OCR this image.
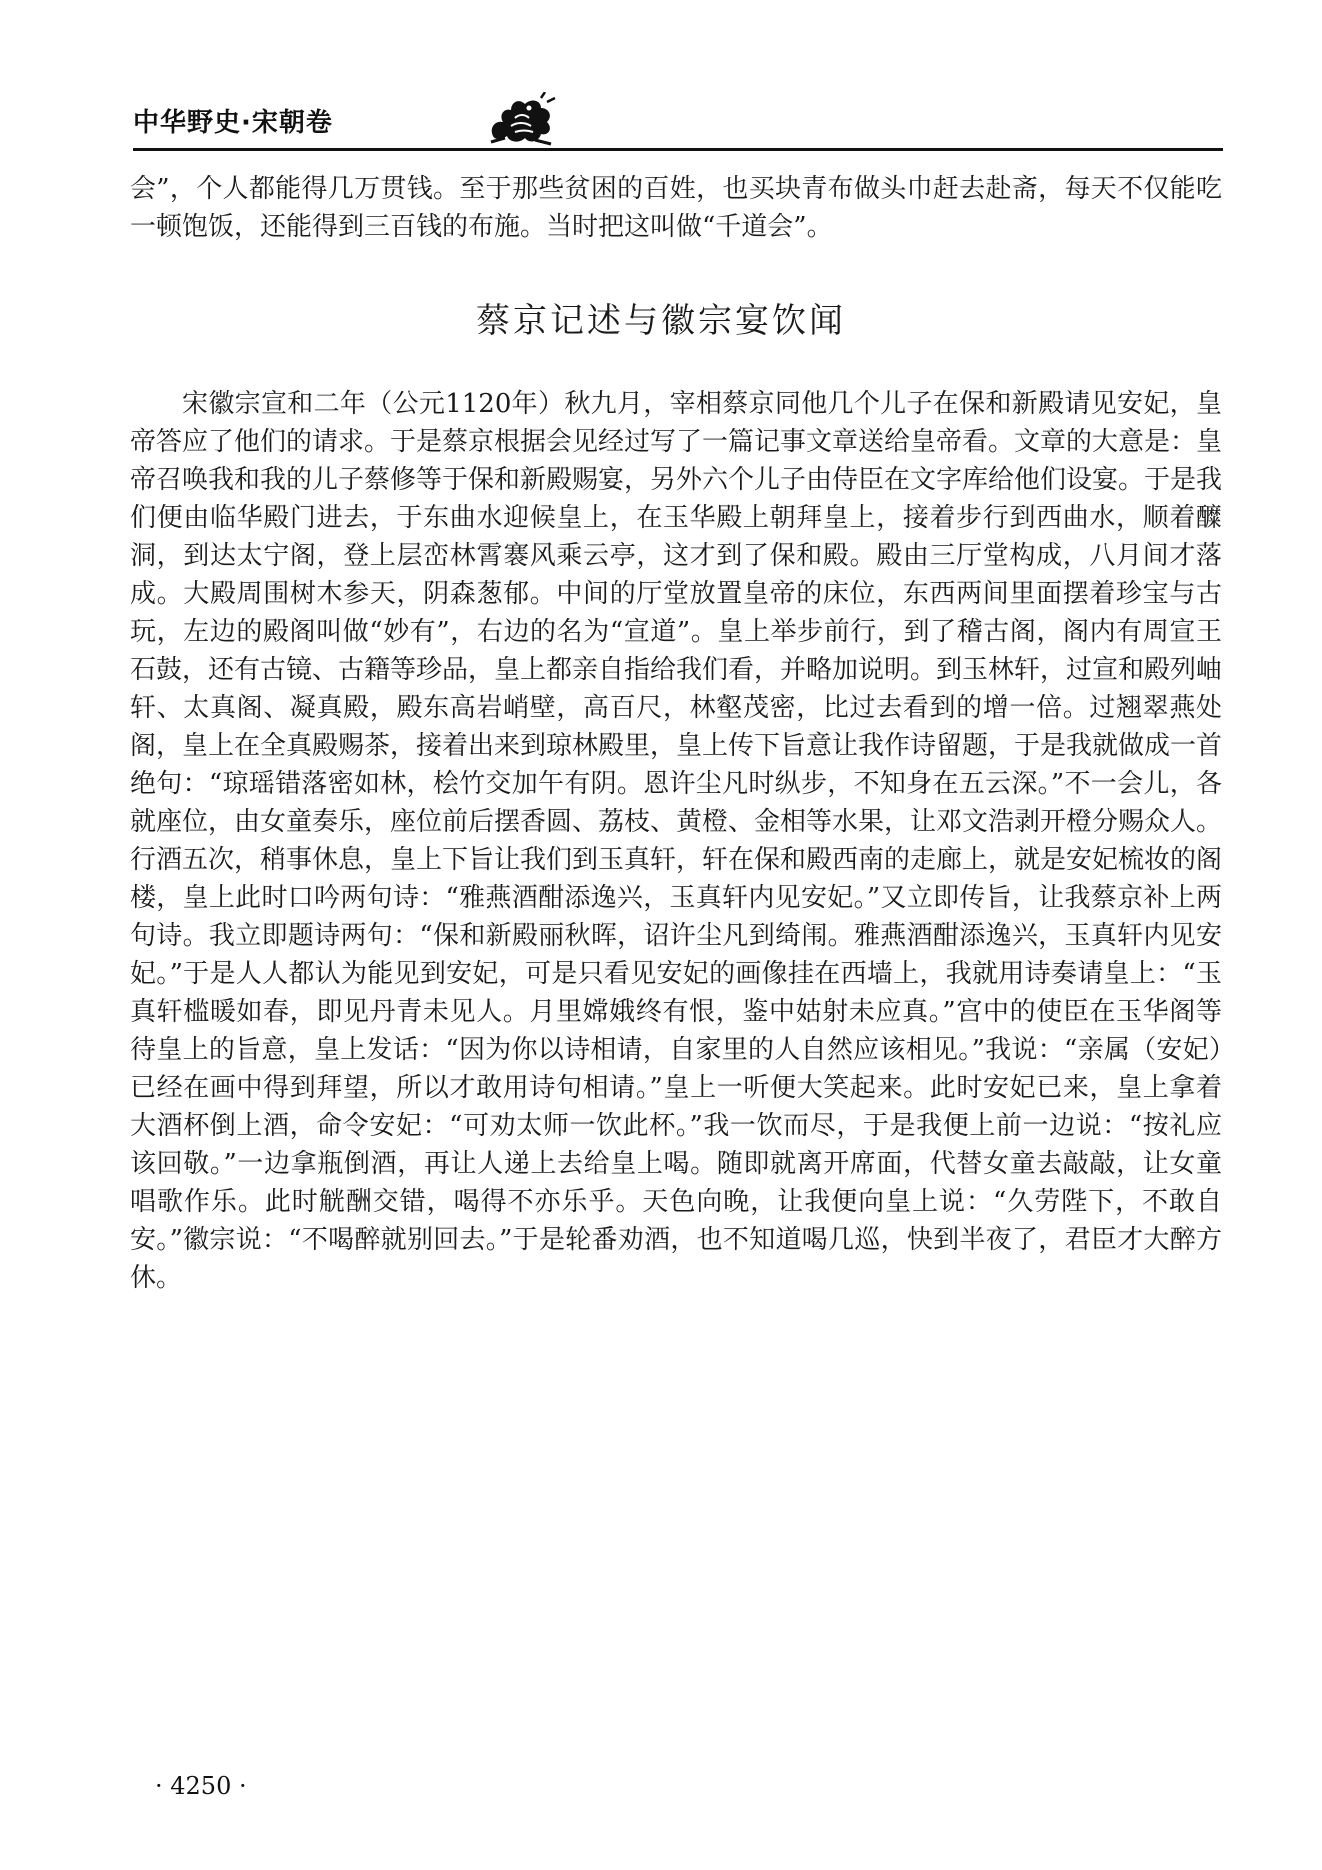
中华野史·宋朝卷

会”，个人都能得几万贯钱。至于那些贫困的百姓，也买块青布做头巾赶去赴斋，每天不仅能吃一顿饱饭，还能得到三百钱的布施。当时把这叫做“千道会”。

蔡京记述与徽宗宴饮闻

宋徽宗宣和二年（公元1120年）秋九月，宰相蔡京同他几个儿子在保和新殿请见安妃，皇帝答应了他们的请求。于是蔡京根据会见经过写了一篇记事文章送给皇帝看。文章的大意是：皇帝召唤我和我的儿子蔡修等于保和新殿赐宴，另外六个儿子由侍臣在文字库给他们设宴。于是我们便由临华殿门进去，于东曲水迎候皇上，在玉华殿上朝拜皇上，接着步行到西曲水，顺着醾洞，到达太宁阁，登上层峦林霄褰风乘云亭，这才到了保和殿。殿由三厅堂构成，八月间才落成。大殿周围树木参天，阴森葱郁。中间的厅堂放置皇帝的床位，东西两间里面摆着珍宝与古玩，左边的殿阁叫做“妙有”，右边的名为“宣道”。皇上举步前行，到了稽古阁，阁内有周宣王石鼓，还有古镜、古籍等珍品，皇上都亲自指给我们看，并略加说明。到玉林轩，过宣和殿列岫轩、太真阁、凝真殿，殿东高岩峭壁，高百尺，林壑茂密，比过去看到的增一倍。过翘翠燕处阁，皇上在全真殿赐茶，接着出来到琼林殿里，皇上传下旨意让我作诗留题，于是我就做成一首绝句：“琼瑶错落密如林，桧竹交加午有阴。恩许尘凡时纵步，不知身在五云深。”不一会儿，各就座位，由女童奏乐，座位前后摆香圆、荔枝、黄橙、金相等水果，让邓文浩剥开橙分赐众人。行酒五次，稍事休息，皇上下旨让我们到玉真轩，轩在保和殿西南的走廊上，就是安妃梳妆的阁楼，皇上此时口吟两句诗：“雅燕酒酣添逸兴，玉真轩内见安妃。”又立即传旨，让我蔡京补上两句诗。我立即题诗两句：“保和新殿丽秋晖，诏许尘凡到绮闱。雅燕酒酣添逸兴，玉真轩内见安妃。”于是人人都认为能见到安妃，可是只看见安妃的画像挂在西墙上，我就用诗奏请皇上：“玉真轩槛暖如春，即见丹青未见人。月里嫦娥终有恨，鉴中姑射未应真。”宫中的使臣在玉华阁等待皇上的旨意，皇上发话：“因为你以诗相请，自家里的人自然应该相见。”我说：“亲属（安妃）已经在画中得到拜望，所以才敢用诗句相请。”皇上一听便大笑起来。此时安妃已来，皇上拿着大酒杯倒上酒，命令安妃：“可劝太师一饮此杯。”我一饮而尽，于是我便上前一边说：“按礼应该回敬。”一边拿瓶倒酒，再让人递上去给皇上喝。随即就离开席面，代替女童去敲敲，让女童唱歌作乐。此时觥酬交错，喝得不亦乐乎。天色向晚，让我便向皇上说：“久劳陛下，不敢自安。”徽宗说：“不喝醉就别回去。”于是轮番劝酒，也不知道喝几巡，快到半夜了，君臣才大醉方休。

· 4250 ·
